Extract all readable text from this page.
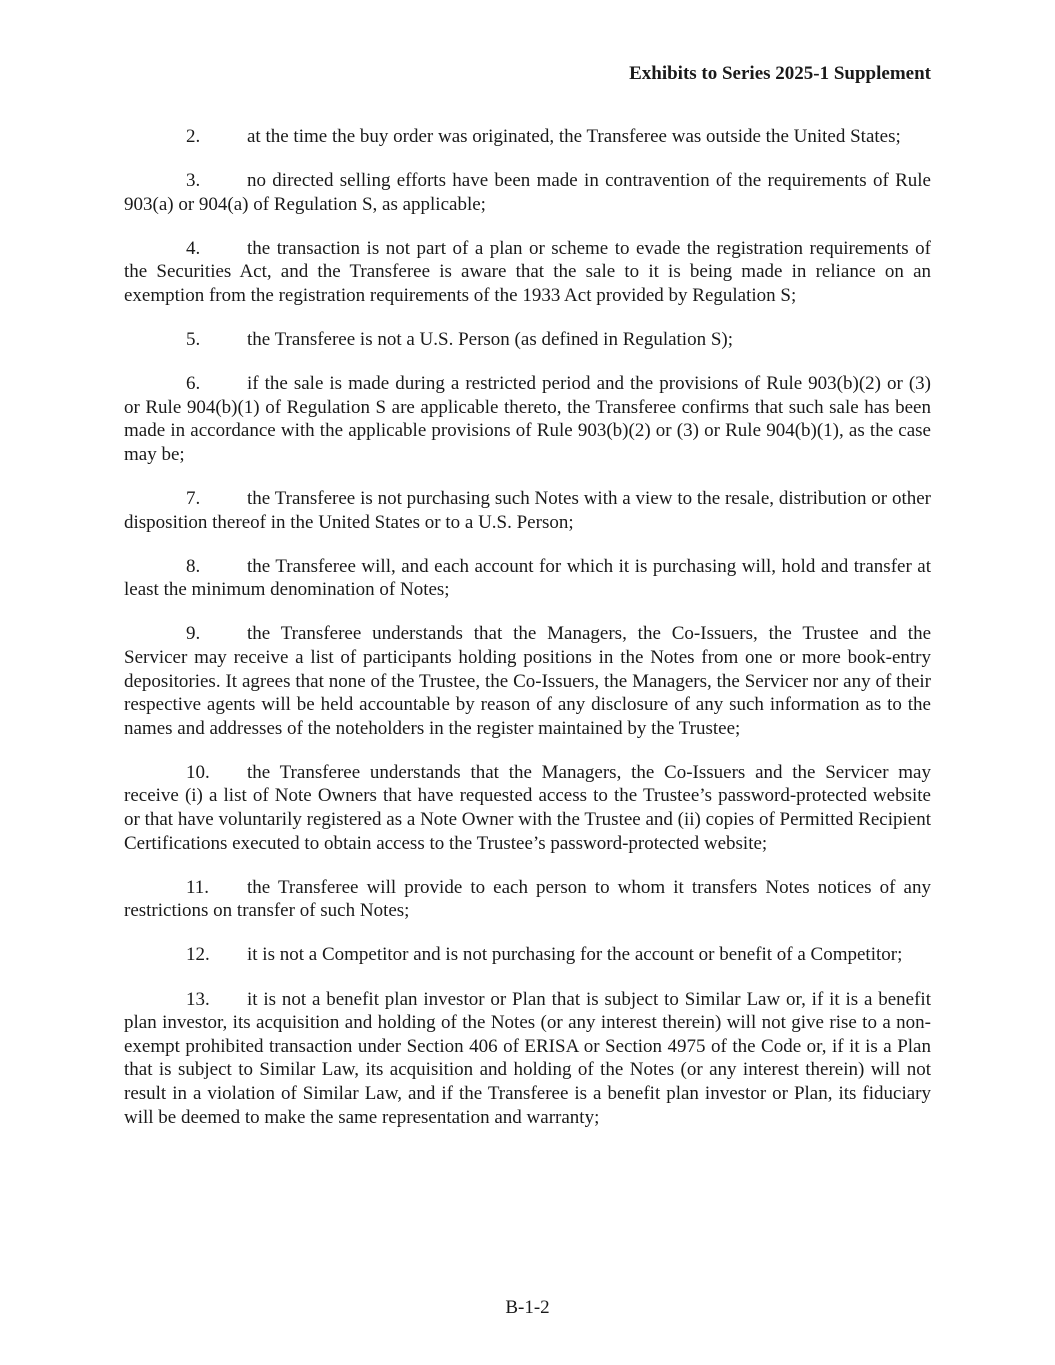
Exhibits to Series 2025-1 Supplement

2. at the time the buy order was originated, the Transferee was outside the United States;

3. no directed selling efforts have been made in contravention of the requirements of Rule 903(a) or 904(a) of Regulation S, as applicable;

4. the transaction is not part of a plan or scheme to evade the registration requirements of the Securities Act, and the Transferee is aware that the sale to it is being made in reliance on an exemption from the registration requirements of the 1933 Act provided by Regulation S;

5. the Transferee is not a U.S. Person (as defined in Regulation S);

6. if the sale is made during a restricted period and the provisions of Rule 903(b)(2) or (3) or Rule 904(b)(1) of Regulation S are applicable thereto, the Transferee confirms that such sale has been made in accordance with the applicable provisions of Rule 903(b)(2) or (3) or Rule 904(b)(1), as the case may be;

7. the Transferee is not purchasing such Notes with a view to the resale, distribution or other disposition thereof in the United States or to a U.S. Person;

8. the Transferee will, and each account for which it is purchasing will, hold and transfer at least the minimum denomination of Notes;

9. the Transferee understands that the Managers, the Co-Issuers, the Trustee and the Servicer may receive a list of participants holding positions in the Notes from one or more book-entry depositories. It agrees that none of the Trustee, the Co-Issuers, the Managers, the Servicer nor any of their respective agents will be held accountable by reason of any disclosure of any such information as to the names and addresses of the noteholders in the register maintained by the Trustee;

10. the Transferee understands that the Managers, the Co-Issuers and the Servicer may receive (i) a list of Note Owners that have requested access to the Trustee’s password-protected website or that have voluntarily registered as a Note Owner with the Trustee and (ii) copies of Permitted Recipient Certifications executed to obtain access to the Trustee’s password-protected website;

11. the Transferee will provide to each person to whom it transfers Notes notices of any restrictions on transfer of such Notes;

12. it is not a Competitor and is not purchasing for the account or benefit of a Competitor;

13. it is not a benefit plan investor or Plan that is subject to Similar Law or, if it is a benefit plan investor, its acquisition and holding of the Notes (or any interest therein) will not give rise to a non-exempt prohibited transaction under Section 406 of ERISA or Section 4975 of the Code or, if it is a Plan that is subject to Similar Law, its acquisition and holding of the Notes (or any interest therein) will not result in a violation of Similar Law, and if the Transferee is a benefit plan investor or Plan, its fiduciary will be deemed to make the same representation and warranty;

B-1-2
